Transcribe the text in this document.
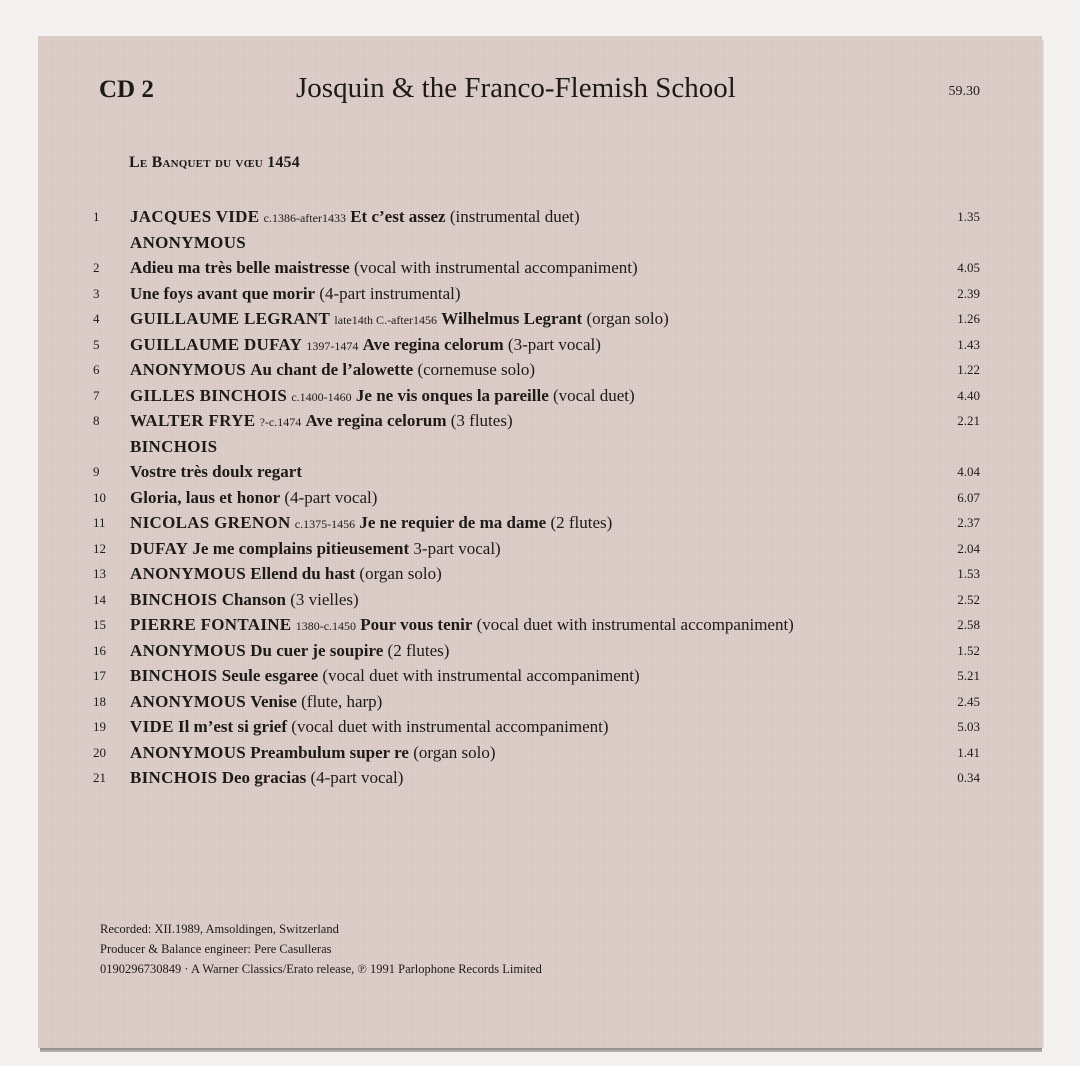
CD 2	Josquin & the Franco-Flemish School	59.30
Le Banquet du vœu 1454
1	JACQUES VIDE c.1386-after1433 Et c’est assez (instrumental duet)	1.35
ANONYMOUS
2	Adieu ma très belle maistresse (vocal with instrumental accompaniment)	4.05
3	Une foys avant que morir (4-part instrumental)	2.39
4	GUILLAUME LEGRANT late14th C.-after1456 Wilhelmus Legrant (organ solo)	1.26
5	GUILLAUME DUFAY 1397-1474 Ave regina celorum (3-part vocal)	1.43
6	ANONYMOUS Au chant de l’alowette (cornemuse solo)	1.22
7	GILLES BINCHOIS c.1400-1460 Je ne vis onques la pareille (vocal duet)	4.40
8	WALTER FRYE ?-c.1474 Ave regina celorum (3 flutes)	2.21
BINCHOIS
9	Vostre très doulx regart	4.04
10	Gloria, laus et honor (4-part vocal)	6.07
11	NICOLAS GRENON c.1375-1456 Je ne requier de ma dame (2 flutes)	2.37
12	DUFAY Je me complains pitieusement 3-part vocal)	2.04
13	ANONYMOUS Ellend du hast (organ solo)	1.53
14	BINCHOIS Chanson (3 vielles)	2.52
15	PIERRE FONTAINE 1380-c.1450 Pour vous tenir (vocal duet with instrumental accompaniment)	2.58
16	ANONYMOUS Du cuer je soupire (2 flutes)	1.52
17	BINCHOIS Seule esgaree (vocal duet with instrumental accompaniment)	5.21
18	ANONYMOUS Venise (flute, harp)	2.45
19	VIDE Il m’est si grief (vocal duet with instrumental accompaniment)	5.03
20	ANONYMOUS Preambulum super re (organ solo)	1.41
21	BINCHOIS Deo gracias (4-part vocal)	0.34
Recorded: XII.1989, Amsoldingen, Switzerland
Producer & Balance engineer: Pere Casulleras
0190296730849 · A Warner Classics/Erato release, ℗ 1991 Parlophone Records Limited
